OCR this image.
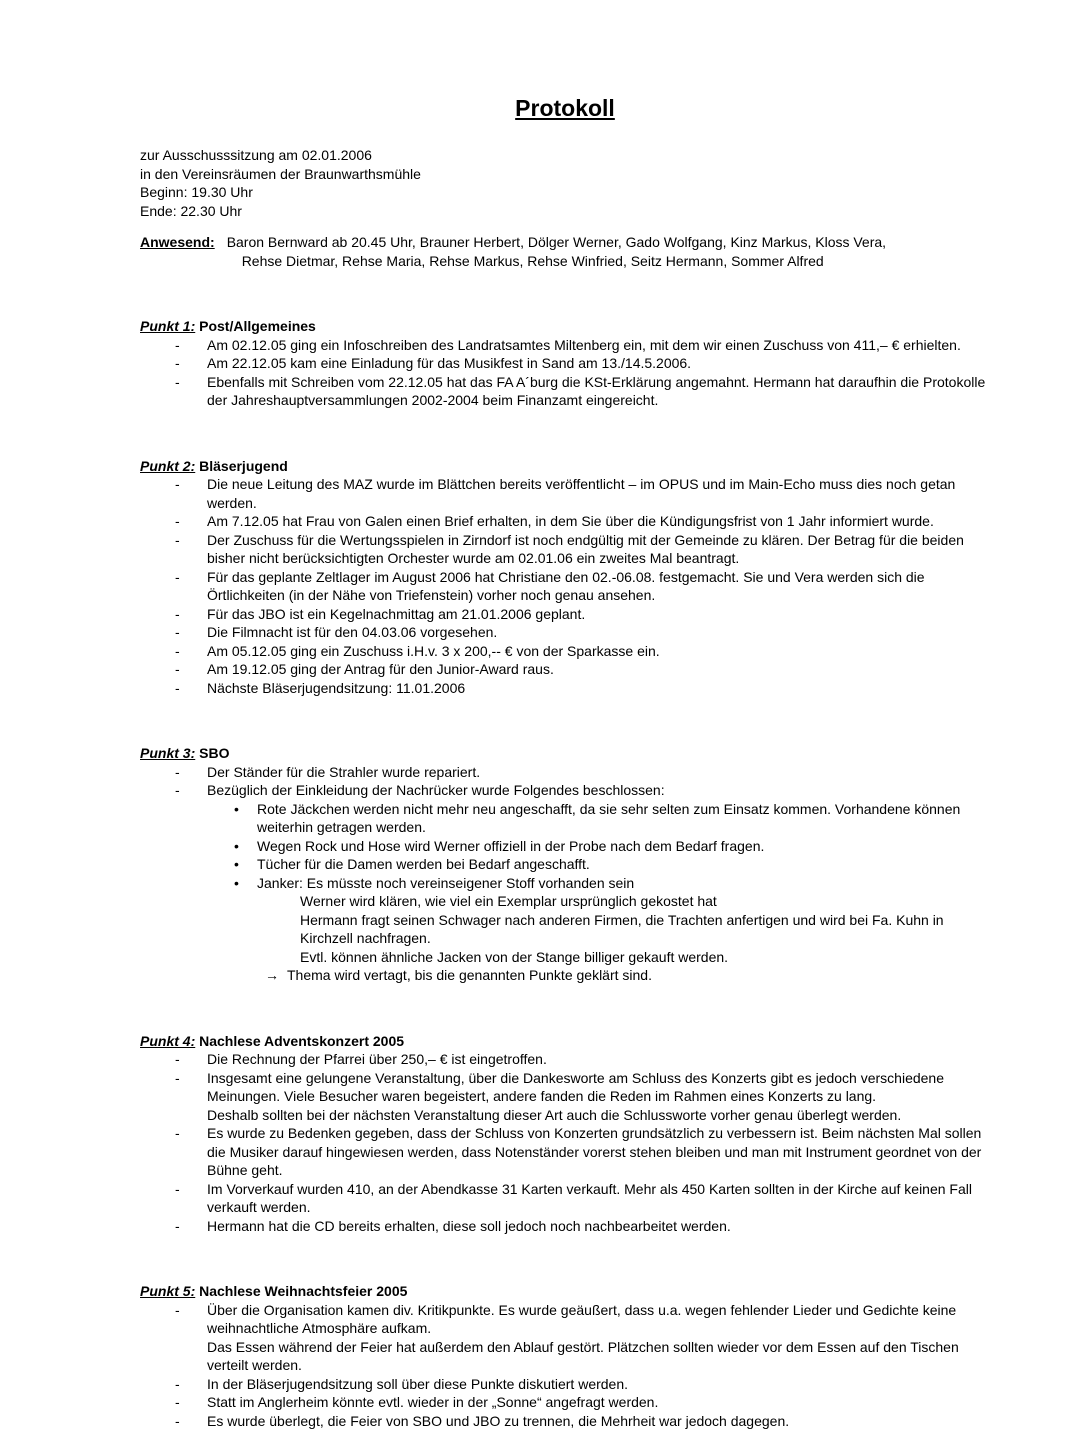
Protokoll
zur Ausschusssitzung am 02.01.2006
in den Vereinsräumen der Braunwarthsmühle
Beginn: 19.30 Uhr
Ende: 22.30 Uhr
Anwesend: Baron Bernward ab 20.45 Uhr, Brauner Herbert, Dölger Werner, Gado Wolfgang, Kinz Markus, Kloss Vera,
Rehse Dietmar, Rehse Maria, Rehse Markus, Rehse Winfried, Seitz Hermann, Sommer Alfred
Punkt 1: Post/Allgemeines
-	Am 02.12.05 ging ein Infoschreiben des Landratsamtes Miltenberg ein, mit dem wir einen Zuschuss von 411,– € erhielten.
-	Am 22.12.05 kam eine Einladung für das Musikfest in Sand am 13./14.5.2006.
-	Ebenfalls mit Schreiben vom 22.12.05 hat das FA A´burg die KSt-Erklärung angemahnt. Hermann hat daraufhin die Protokolle der Jahreshauptversammlungen 2002-2004 beim Finanzamt eingereicht.
Punkt 2: Bläserjugend
-	Die neue Leitung des MAZ wurde im Blättchen bereits veröffentlicht – im OPUS und im Main-Echo muss dies noch getan werden.
-	Am 7.12.05 hat Frau von Galen einen Brief erhalten, in dem Sie über die Kündigungsfrist von 1 Jahr informiert wurde.
-	Der Zuschuss für die Wertungsspielen in Zirndorf ist noch endgültig mit der Gemeinde zu klären. Der Betrag für die beiden bisher nicht berücksichtigten Orchester wurde am 02.01.06 ein zweites Mal beantragt.
-	Für das geplante Zeltlager im August 2006 hat Christiane den 02.-06.08. festgemacht. Sie und Vera werden sich die Örtlichkeiten (in der Nähe von Triefenstein) vorher noch genau ansehen.
-	Für das JBO ist ein Kegelnachmittag am 21.01.2006 geplant.
-	Die Filmnacht ist für den 04.03.06 vorgesehen.
-	Am 05.12.05 ging ein Zuschuss i.H.v. 3 x 200,-- € von der Sparkasse ein.
-	Am 19.12.05 ging der Antrag für den Junior-Award raus.
-	Nächste Bläserjugendsitzung: 11.01.2006
Punkt 3: SBO
-	Der Ständer für die Strahler wurde repariert.
-	Bezüglich der Einkleidung der Nachrücker wurde Folgendes beschlossen:
•	Rote Jäckchen werden nicht mehr neu angeschafft, da sie sehr selten zum Einsatz kommen. Vorhandene können weiterhin getragen werden.
•	Wegen Rock und Hose wird Werner offiziell in der Probe nach dem Bedarf fragen.
•	Tücher für die Damen werden bei Bedarf angeschafft.
•	Janker: Es müsste noch vereinseigener Stoff vorhanden sein
Werner wird klären, wie viel ein Exemplar ursprünglich gekostet hat
Hermann fragt seinen Schwager nach anderen Firmen, die Trachten anfertigen und wird bei Fa. Kuhn in Kirchzell nachfragen.
Evtl. können ähnliche Jacken von der Stange billiger gekauft werden.
→ Thema wird vertagt, bis die genannten Punkte geklärt sind.
Punkt 4: Nachlese Adventskonzert 2005
-	Die Rechnung der Pfarrei über 250,– € ist eingetroffen.
-	Insgesamt eine gelungene Veranstaltung, über die Dankesworte am Schluss des Konzerts gibt es jedoch verschiedene Meinungen. Viele Besucher waren begeistert, andere fanden die Reden im Rahmen eines Konzerts zu lang.
Deshalb sollten bei der nächsten Veranstaltung dieser Art auch die Schlussworte vorher genau überlegt werden.
-	Es wurde zu Bedenken gegeben, dass der Schluss von Konzerten grundsätzlich zu verbessern ist. Beim nächsten Mal sollen die Musiker darauf hingewiesen werden, dass Notenständer vorerst stehen bleiben und man mit Instrument geordnet von der Bühne geht.
-	Im Vorverkauf wurden 410, an der Abendkasse 31 Karten verkauft. Mehr als 450 Karten sollten in der Kirche auf keinen Fall verkauft werden.
-	Hermann hat die CD bereits erhalten, diese soll jedoch noch nachbearbeitet werden.
Punkt 5: Nachlese Weihnachtsfeier 2005
-	Über die Organisation kamen div. Kritikpunkte. Es wurde geäußert, dass u.a. wegen fehlender Lieder und Gedichte keine weihnachtliche Atmosphäre aufkam.
Das Essen während der Feier hat außerdem den Ablauf gestört. Plätzchen sollten wieder vor dem Essen auf den Tischen verteilt werden.
-	In der Bläserjugendsitzung soll über diese Punkte diskutiert werden.
-	Statt im Anglerheim könnte evtl. wieder in der „Sonne“ angefragt werden.
-	Es wurde überlegt, die Feier von SBO und JBO zu trennen, die Mehrheit war jedoch dagegen.
